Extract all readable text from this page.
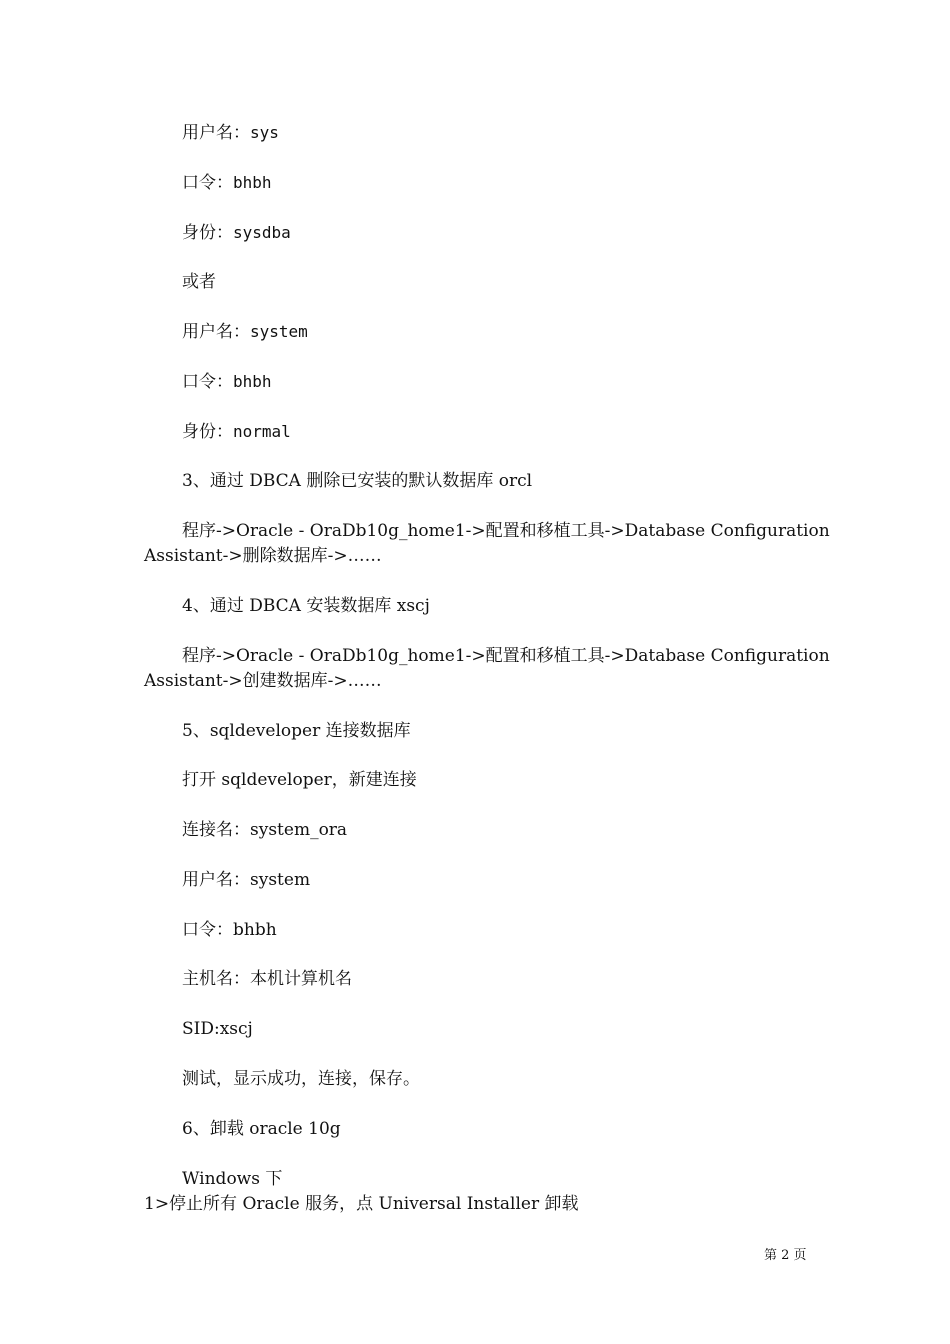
用户名：sys
口令：bhbh
身份：sysdba
或者
用户名：system
口令：bhbh
身份：normal
3、通过 DBCA 删除已安装的默认数据库 orcl
程序->Oracle - OraDb10g_home1->配置和移植工具->Database Configuration
Assistant->删除数据库->……
4、通过 DBCA 安装数据库 xscj
程序->Oracle - OraDb10g_home1->配置和移植工具->Database Configuration
Assistant->创建数据库->……
5、sqldeveloper 连接数据库
打开 sqldeveloper，新建连接
连接名：system_ora
用户名：system
口令：bhbh
主机名：本机计算机名
SID:xscj
测试，显示成功，连接，保存。
6、卸载 oracle 10g
Windows 下
1>停止所有 Oracle 服务，点 Universal Installer 卸载
第 2 页
